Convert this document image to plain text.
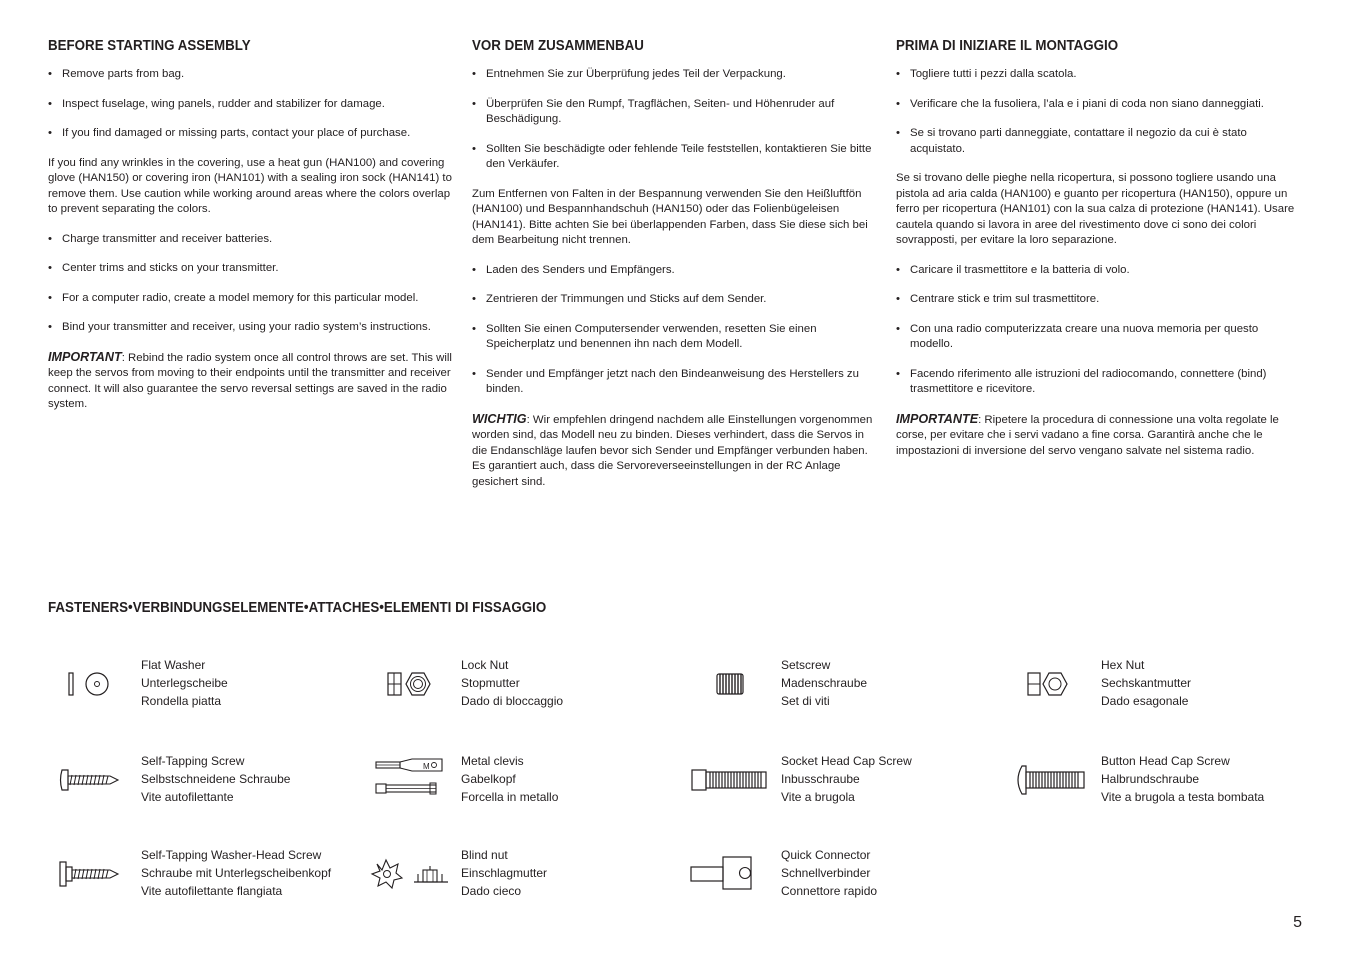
BEFORE STARTING ASSEMBLY
• Remove parts from bag.
• Inspect fuselage, wing panels, rudder and stabilizer for damage.
• If you find damaged or missing parts, contact your place of purchase.
If you find any wrinkles in the covering, use a heat gun (HAN100) and covering glove (HAN150) or covering iron (HAN101) with a sealing iron sock (HAN141) to remove them. Use caution while working around areas where the colors overlap to prevent separating the colors.
• Charge transmitter and receiver batteries.
• Center trims and sticks on your transmitter.
• For a computer radio, create a model memory for this particular model.
• Bind your transmitter and receiver, using your radio system’s instructions.
IMPORTANT: Rebind the radio system once all control throws are set. This will keep the servos from moving to their endpoints until the transmitter and receiver connect. It will also guarantee the servo reversal settings are saved in the radio system.
VOR DEM ZUSAMMENBAU
• Entnehmen Sie zur Überprüfung jedes Teil der Verpackung.
• Überprüfen Sie den Rumpf, Tragflächen, Seiten- und Höhenruder auf Beschädigung.
• Sollten Sie beschädigte oder fehlende Teile feststellen, kontaktieren Sie bitte den Verkäufer.
Zum Entfernen von Falten in der Bespannung verwenden Sie den Heißluftfön (HAN100) und Bespannhandschuh (HAN150) oder das Folienbügeleisen (HAN141). Bitte achten Sie bei überlappenden Farben, dass Sie diese sich bei dem Bearbeitung nicht trennen.
• Laden des Senders und Empfängers.
• Zentrieren der Trimmungen und Sticks auf dem Sender.
• Sollten Sie einen Computersender verwenden, resetten Sie einen Speicherplatz und benennen ihn nach dem Modell.
• Sender und Empfänger jetzt nach den Bindeanweisung des Herstellers zu binden.
WICHTIG: Wir empfehlen dringend nachdem alle Einstellungen vorgenommen worden sind, das Modell neu zu binden. Dieses verhindert, dass die Servos in die Endanschläge laufen bevor sich Sender und Empfänger verbunden haben. Es garantiert auch, dass die Servoreverseeinstellungen in der RC Anlage gesichert sind.
PRIMA DI INIZIARE IL MONTAGGIO
• Togliere tutti i pezzi dalla scatola.
• Verificare che la fusoliera, l’ala e i piani di coda non siano danneggiati.
• Se si trovano parti danneggiate, contattare il negozio da cui è stato acquistato.
Se si trovano delle pieghe nella ricopertura, si possono togliere usando una pistola ad aria calda (HAN100) e guanto per ricopertura (HAN150), oppure un ferro per ricopertura (HAN101) con la sua calza di protezione (HAN141). Usare cautela quando si lavora in aree del rivestimento dove ci sono dei colori sovrapposti, per evitare la loro separazione.
• Caricare il trasmettitore e la batteria di volo.
• Centrare stick e trim sul trasmettitore.
• Con una radio computerizzata creare una nuova memoria per questo modello.
• Facendo riferimento alle istruzioni del radiocomando, connettere (bind) trasmettitore e ricevitore.
IMPORTANTE: Ripetere la procedura di connessione una volta regolate le corse, per evitare che i servi vadano a fine corsa. Garantirà anche che le impostazioni di inversione del servo vengano salvate nel sistema radio.
FASTENERS•VERBINDUNGSELEMENTE•ATTACHES•ELEMENTI DI FISSAGGIO
Flat Washer
Unterlegscheibe
Rondella piatta
Lock Nut
Stopmutter
Dado di bloccaggio
Setscrew
Madenschraube
Set di viti
Hex Nut
Sechskantmutter
Dado esagonale
Self-Tapping Screw
Selbstschneidene Schraube
Vite autofilettante
M	Metal clevis
Gabelkopf
Forcella in metallo
Socket Head Cap Screw
Inbusschraube
Vite a brugola
Button Head Cap Screw
Halbrundschraube
Vite a brugola a testa bombata
Self-Tapping Washer-Head Screw
Schraube mit Unterlegscheibenkopf
Vite autofilettante flangiata
Blind nut
Einschlagmutter
Dado cieco
Quick Connector
Schnellverbinder
Connettore rapido
5
